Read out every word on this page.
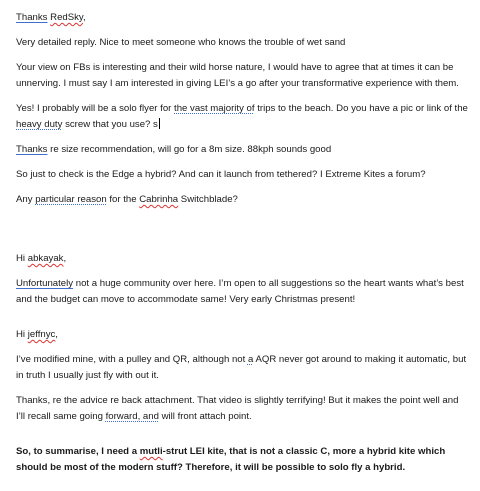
Thanks RedSky,

Very detailed reply. Nice to meet someone who knows the trouble of wet sand

Your view on FBs is interesting and their wild horse nature, I would have to agree that at times it can be unnerving. I must say I am interested in giving LEI’s a go after your transformative experience with them.

Yes! I probably will be a solo flyer for the vast majority of trips to the beach. Do you have a pic or link of the heavy duty screw that you use? s

Thanks re size recommendation, will go for a 8m size. 88kph sounds good

So just to check is the Edge a hybrid? And can it launch from tethered? I Extreme Kites a forum?

Any particular reason for the Cabrinha Switchblade?

Hi abkayak,

Unfortunately not a huge community over here. I’m open to all suggestions so the heart wants what’s best and the budget can move to accommodate same! Very early Christmas present!

Hi jeffnyc,

I’ve modified mine, with a pulley and QR, although not a AQR never got around to making it automatic, but in truth I usually just fly with out it.

Thanks, re the advice re back attachment. That video is slightly terrifying! But it makes the point well and I’ll recall same going forward, and will front attach point.

So, to summarise, I need a mutli-strut LEI kite, that is not a classic C, more a hybrid kite which should be most of the modern stuff? Therefore, it will be possible to solo fly a hybrid.
